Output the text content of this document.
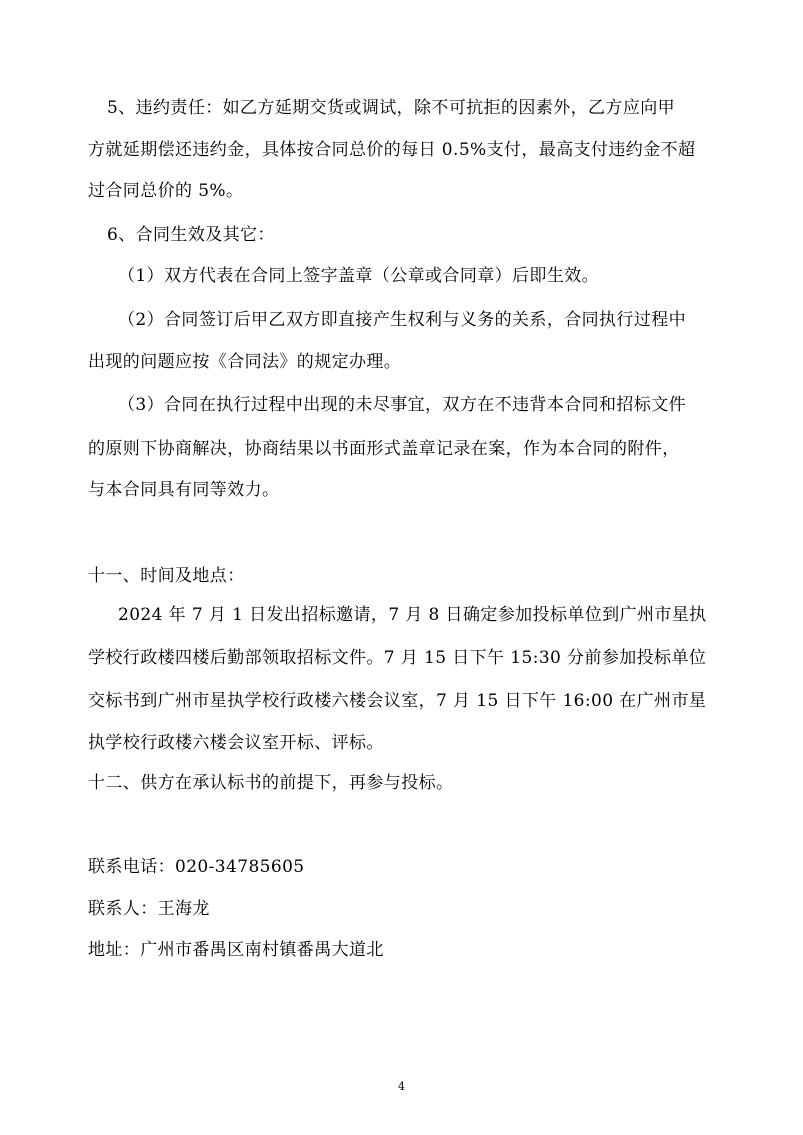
5、违约责任：如乙方延期交货或调试，除不可抗拒的因素外，乙方应向甲
方就延期偿还违约金，具体按合同总价的每日 0.5%支付，最高支付违约金不超
过合同总价的 5%。
6、合同生效及其它：
（1）双方代表在合同上签字盖章（公章或合同章）后即生效。
（2）合同签订后甲乙双方即直接产生权利与义务的关系，合同执行过程中
出现的问题应按《合同法》的规定办理。
（3）合同在执行过程中出现的未尽事宜，双方在不违背本合同和招标文件
的原则下协商解决，协商结果以书面形式盖章记录在案，作为本合同的附件，
与本合同具有同等效力。
十一、时间及地点：
2024 年 7 月 1 日发出招标邀请，7 月 8 日确定参加投标单位到广州市星执
学校行政楼四楼后勤部领取招标文件。7 月 15 日下午 15:30 分前参加投标单位
交标书到广州市星执学校行政楼六楼会议室，7 月 15 日下午 16:00 在广州市星
执学校行政楼六楼会议室开标、评标。
十二、供方在承认标书的前提下，再参与投标。
联系电话：020-34785605
联系人：王海龙
地址：广州市番禺区南村镇番禺大道北
4
